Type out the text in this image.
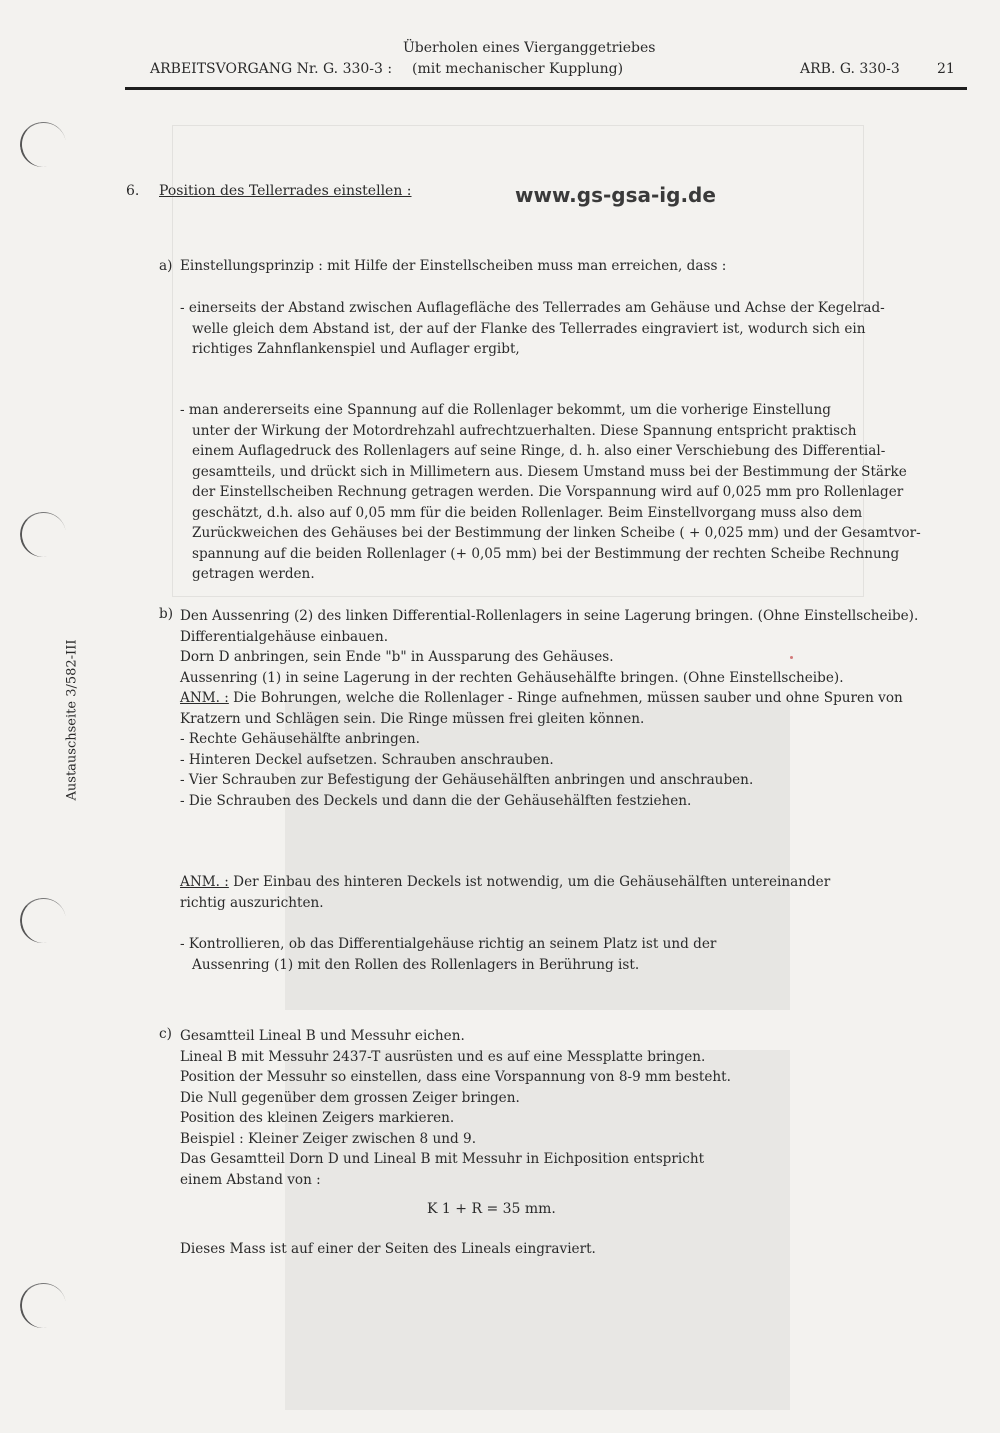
ARBEITSVORGANG Nr. G. 330-3 :
Überholen eines Vierganggetriebes
(mit mechanischer Kupplung)	ARB. G. 330-3	21
www.gs-gsa-ig.de
Austauschseite 3/582-III
6. Position des Tellerrades einstellen :
a) Einstellungsprinzip : mit Hilfe der Einstellscheiben muss man erreichen, dass :
- einerseits der Abstand zwischen Auflagefläche des Tellerrades am Gehäuse und Achse der Kegelrad-
welle gleich dem Abstand ist, der auf der Flanke des Tellerrades eingraviert ist, wodurch sich ein
richtiges Zahnflankenspiel und Auflager ergibt,
- man andererseits eine Spannung auf die Rollenlager bekommt, um die vorherige Einstellung
unter der Wirkung der Motordrehzahl aufrechtzuerhalten. Diese Spannung entspricht praktisch
einem Auflagedruck des Rollenlagers auf seine Ringe, d. h. also einer Verschiebung des Differential-
gesamtteils, und drückt sich in Millimetern aus. Diesem Umstand muss bei der Bestimmung der Stärke
der Einstellscheiben Rechnung getragen werden. Die Vorspannung wird auf 0,025 mm pro Rollenlager
geschätzt, d.h. also auf 0,05 mm für die beiden Rollenlager. Beim Einstellvorgang muss also dem
Zurückweichen des Gehäuses bei der Bestimmung der linken Scheibe ( + 0,025 mm) und der Gesamtvor-
spannung auf die beiden Rollenlager (+ 0,05 mm) bei der Bestimmung der rechten Scheibe Rechnung
getragen werden.
b) Den Aussenring (2) des linken Differential-Rollenlagers in seine Lagerung bringen. (Ohne Einstellscheibe).
Differentialgehäuse einbauen.
Dorn D anbringen, sein Ende "b" in Aussparung des Gehäuses.
Aussenring (1) in seine Lagerung in der rechten Gehäusehälfte bringen. (Ohne Einstellscheibe).
ANM. : Die Bohrungen, welche die Rollenlager - Ringe aufnehmen, müssen sauber und ohne Spuren von
Kratzern und Schlägen sein. Die Ringe müssen frei gleiten können.
- Rechte Gehäusehälfte anbringen.
- Hinteren Deckel aufsetzen. Schrauben anschrauben.
- Vier Schrauben zur Befestigung der Gehäusehälften anbringen und anschrauben.
- Die Schrauben des Deckels und dann die der Gehäusehälften festziehen.
ANM. : Der Einbau des hinteren Deckels ist notwendig, um die Gehäusehälften untereinander
richtig auszurichten.
- Kontrollieren, ob das Differentialgehäuse richtig an seinem Platz ist und der
Aussenring (1) mit den Rollen des Rollenlagers in Berührung ist.
c) Gesamtteil Lineal B und Messuhr eichen.
Lineal B mit Messuhr 2437-T ausrüsten und es auf eine Messplatte bringen.
Position der Messuhr so einstellen, dass eine Vorspannung von 8-9 mm besteht.
Die Null gegenüber dem grossen Zeiger bringen.
Position des kleinen Zeigers markieren.
Beispiel : Kleiner Zeiger zwischen 8 und 9.
Das Gesamtteil Dorn D und Lineal B mit Messuhr in Eichposition entspricht
einem Abstand von :
K 1 + R = 35 mm.
Dieses Mass ist auf einer der Seiten des Lineals eingraviert.
